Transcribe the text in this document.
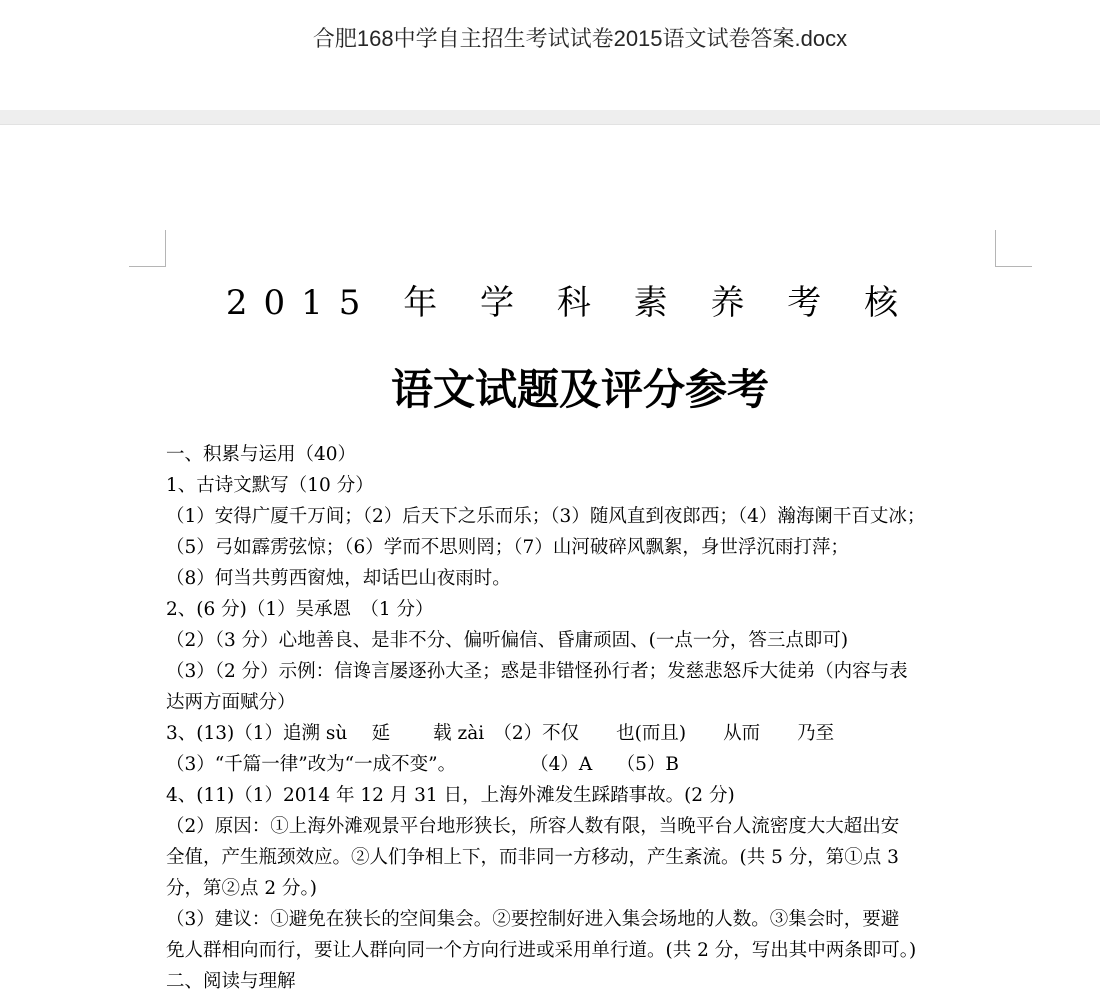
合肥168中学自主招生考试试卷2015语文试卷答案.docx
2015 年 学 科 素 养 考 核
语文试题及评分参考
一、积累与运用（40）
1、古诗文默写（10 分）
（1）安得广厦千万间；（2）后天下之乐而乐；（3）随风直到夜郎西；（4）瀚海阑干百丈冰；
（5）弓如霹雳弦惊；（6）学而不思则罔；（7）山河破碎风飘絮，身世浮沉雨打萍；
（8）何当共剪西窗烛，却话巴山夜雨时。
2、(6 分)（1）吴承恩　（1 分）
（2）（3 分）心地善良、是非不分、偏听偏信、昏庸顽固、(一点一分，答三点即可)
（3）（2 分）示例：信谗言屡逐孙大圣；惑是非错怪孙行者；发慈悲怒斥大徒弟（内容与表
达两方面赋分）
3、(13)（1）追溯 sù　 延　　 载 zài　（2）不仅　　也(而且)　　从而　　乃至
（3）“千篇一律”改为“一成不变”。　　　　　（4）A　 （5）B
4、(11)（1）2014 年 12 月 31 日，上海外滩发生踩踏事故。(2 分)
（2）原因：①上海外滩观景平台地形狭长，所容人数有限，当晚平台人流密度大大超出安
全值，产生瓶颈效应。②人们争相上下，而非同一方移动，产生紊流。(共 5 分，第①点 3
分，第②点 2 分。)
（3）建议：①避免在狭长的空间集会。②要控制好进入集会场地的人数。③集会时，要避
免人群相向而行，要让人群向同一个方向行进或采用单行道。(共 2 分，写出其中两条即可。)
二、阅读与理解
